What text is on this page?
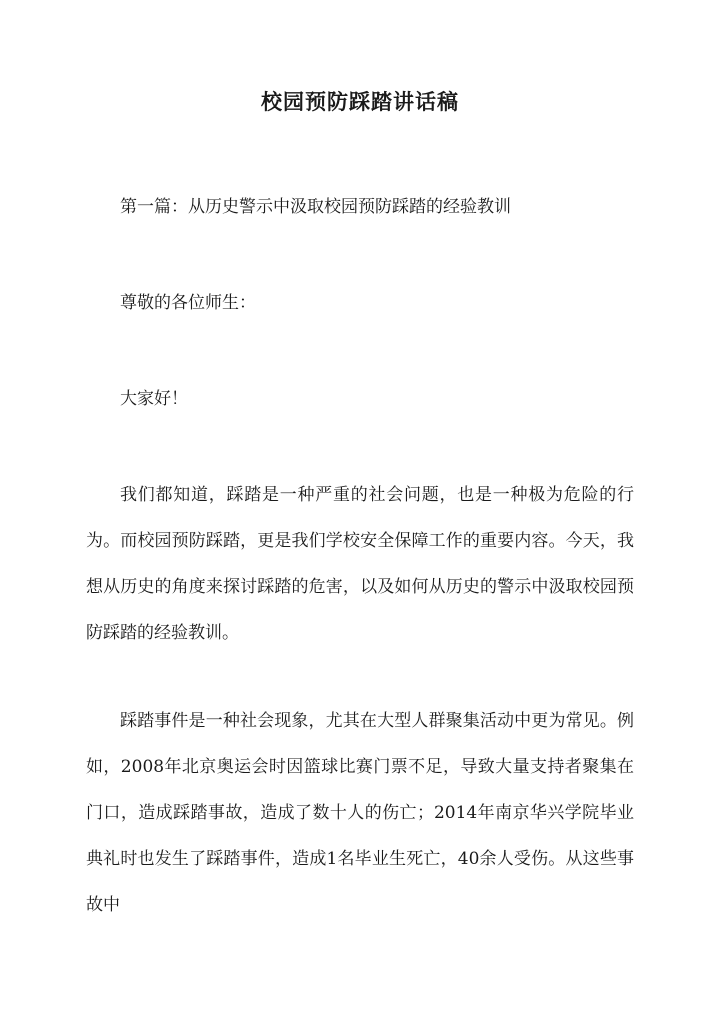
校园预防踩踏讲话稿

第一篇：从历史警示中汲取校园预防踩踏的经验教训

尊敬的各位师生：

大家好！

我们都知道，踩踏是一种严重的社会问题，也是一种极为危险的行为。而校园预防踩踏，更是我们学校安全保障工作的重要内容。今天，我想从历史的角度来探讨踩踏的危害，以及如何从历史的警示中汲取校园预防踩踏的经验教训。

踩踏事件是一种社会现象，尤其在大型人群聚集活动中更为常见。例如，2008年北京奥运会时因篮球比赛门票不足，导致大量支持者聚集在门口，造成踩踏事故，造成了数十人的伤亡；2014年南京华兴学院毕业典礼时也发生了踩踏事件，造成1名毕业生死亡，40余人受伤。从这些事故中
